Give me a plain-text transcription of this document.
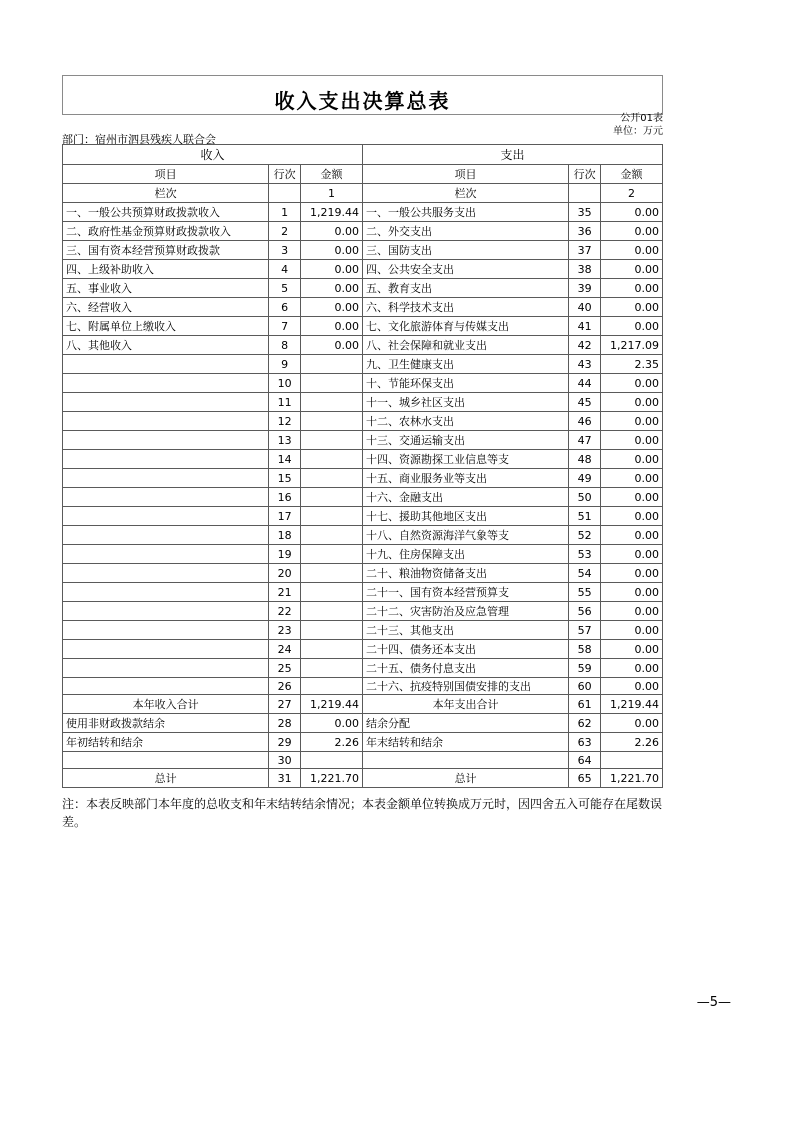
收入支出决算总表
公开01表
单位：万元
部门：宿州市泗县残疾人联合会
收入			支出		
项目	行次	金额	项目	行次	金额
栏次		1	栏次		2
一、一般公共预算财政拨款收入	1	1,219.44	一、一般公共服务支出	35	0.00
二、政府性基金预算财政拨款收入	2	0.00	二、外交支出	36	0.00
三、国有资本经营预算财政拨款	3	0.00	三、国防支出	37	0.00
四、上级补助收入	4	0.00	四、公共安全支出	38	0.00
五、事业收入	5	0.00	五、教育支出	39	0.00
六、经营收入	6	0.00	六、科学技术支出	40	0.00
七、附属单位上缴收入	7	0.00	七、文化旅游体育与传媒支出	41	0.00
八、其他收入	8	0.00	八、社会保障和就业支出	42	1,217.09
	9		九、卫生健康支出	43	2.35
	10		十、节能环保支出	44	0.00
	11		十一、城乡社区支出	45	0.00
	12		十二、农林水支出	46	0.00
	13		十三、交通运输支出	47	0.00
	14		十四、资源勘探工业信息等支	48	0.00
	15		十五、商业服务业等支出	49	0.00
	16		十六、金融支出	50	0.00
	17		十七、援助其他地区支出	51	0.00
	18		十八、自然资源海洋气象等支	52	0.00
	19		十九、住房保障支出	53	0.00
	20		二十、粮油物资储备支出	54	0.00
	21		二十一、国有资本经营预算支	55	0.00
	22		二十二、灾害防治及应急管理	56	0.00
	23		二十三、其他支出	57	0.00
	24		二十四、债务还本支出	58	0.00
	25		二十五、债务付息支出	59	0.00
	26		二十六、抗疫特别国债安排的支出	60	0.00
本年收入合计	27	1,219.44	本年支出合计	61	1,219.44
使用非财政拨款结余	28	0.00	结余分配	62	0.00
年初结转和结余	29	2.26	年末结转和结余	63	2.26
	30			64	
总计	31	1,221.70	总计	65	1,221.70
注：本表反映部门本年度的总收支和年末结转结余情况；本表金额单位转换成万元时，因四舍五入可能存在尾数误差。
—5—
